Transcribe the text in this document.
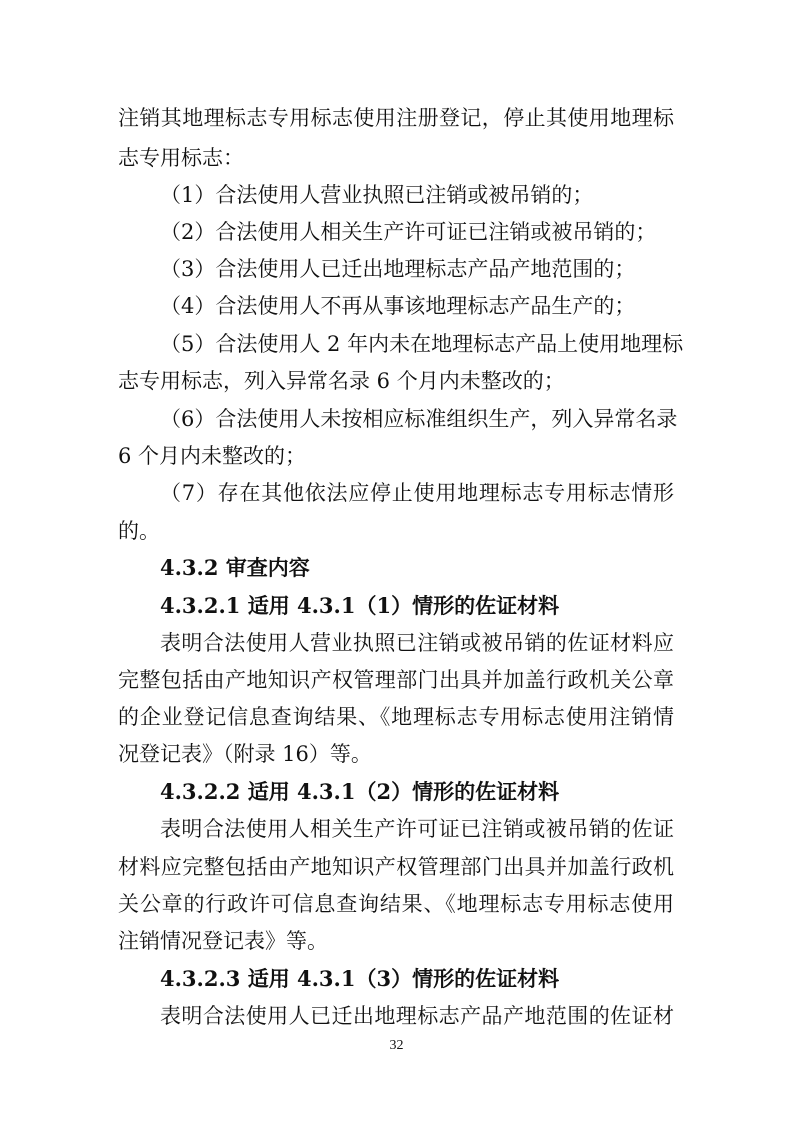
注销其地理标志专用标志使用注册登记，停止其使用地理标
志专用标志：
（1）合法使用人营业执照已注销或被吊销的；
（2）合法使用人相关生产许可证已注销或被吊销的；
（3）合法使用人已迁出地理标志产品产地范围的；
（4）合法使用人不再从事该地理标志产品生产的；
（5）合法使用人 2 年内未在地理标志产品上使用地理标
志专用标志，列入异常名录 6 个月内未整改的；
（6）合法使用人未按相应标准组织生产，列入异常名录
6 个月内未整改的；
（7）存在其他依法应停止使用地理标志专用标志情形
的。
4.3.2 审查内容
4.3.2.1 适用 4.3.1（1）情形的佐证材料
表明合法使用人营业执照已注销或被吊销的佐证材料应
完整包括由产地知识产权管理部门出具并加盖行政机关公章
的企业登记信息查询结果、《地理标志专用标志使用注销情
况登记表》（附录 16）等。
4.3.2.2 适用 4.3.1（2）情形的佐证材料
表明合法使用人相关生产许可证已注销或被吊销的佐证
材料应完整包括由产地知识产权管理部门出具并加盖行政机
关公章的行政许可信息查询结果、《地理标志专用标志使用
注销情况登记表》等。
4.3.2.3 适用 4.3.1（3）情形的佐证材料
表明合法使用人已迁出地理标志产品产地范围的佐证材
32
